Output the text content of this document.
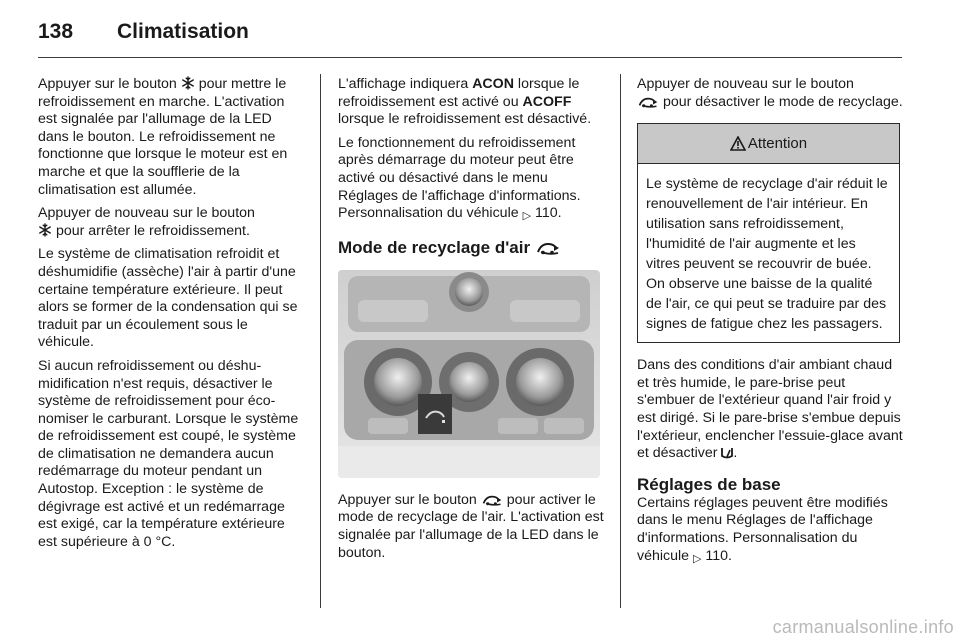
138 Climatisation

Appuyer sur le bouton  pour mettre le refroidissement en marche. L'activation est signalée par l'allumage de la LED dans le bouton. Le refroidissement ne fonctionne que lorsque le moteur est en marche et que la soufflerie de la climatisation est allumée.

Appuyer de nouveau sur le bouton
pour arrêter le refroidissement.

Le système de climatisation refroidit et déshumidifie (assèche) l'air à partir d'une certaine température extérieure. Il peut alors se former de la condensation qui se traduit par un écoulement sous le véhicule.

Si aucun refroidissement ou déshumidification n'est requis, désactiver le système de refroidissement pour économiser le carburant. Lorsque le système de refroidissement est coupé, le système de climatisation ne demandera aucun redémarrage du moteur pendant un Autostop. Exception : le système de dégivrage est activé et un redémarrage est exigé, car la température extérieure est supérieure à 0 °C.

L'affichage indiquera ACON lorsque le refroidissement est activé ou ACOFF lorsque le refroidissement est désactivé.

Le fonctionnement du refroidissement après démarrage du moteur peut être activé ou désactivé dans le menu Réglages de l'affichage d'informations. Personnalisation du véhicule ▷ 110.

Mode de recyclage d'air

Appuyer sur le bouton  pour activer le mode de recyclage de l'air. L'activation est signalée par l'allumage de la LED dans le bouton.

Appuyer de nouveau sur le bouton
pour désactiver le mode de recyclage.

Attention
Le système de recyclage d'air réduit le renouvellement de l'air intérieur. En utilisation sans refroidissement, l'humidité de l'air augmente et les vitres peuvent se recouvrir de buée. On observe une baisse de la qualité de l'air, ce qui peut se traduire par des signes de fatigue chez les passagers.

Dans des conditions d'air ambiant chaud et très humide, le pare-brise peut s'embuer de l'extérieur quand l'air froid y est dirigé. Si le pare-brise s'embue depuis l'extérieur, enclencher l'essuie-glace avant et désactiver .

Réglages de base

Certains réglages peuvent être modifiés dans le menu Réglages de l'affichage d'informations. Personnalisation du véhicule ▷ 110.

carmanualsonline.info
